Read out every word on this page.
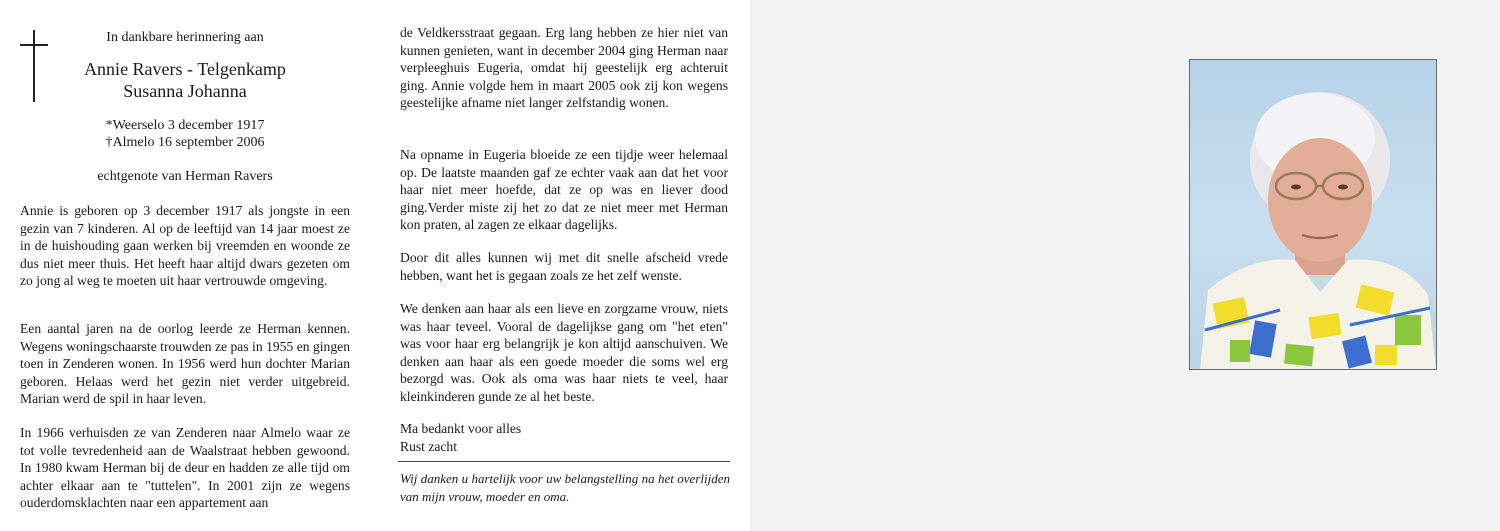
In dankbare herinnering aan
Annie Ravers - Telgenkamp
Susanna Johanna
*Weerselo 3 december 1917
†Almelo 16 september 2006
echtgenote van Herman Ravers

Annie is geboren op 3 december 1917 als jongste in een gezin van 7 kinderen. Al op de leeftijd van 14 jaar moest ze in de huishouding gaan werken bij vreemden en woonde ze dus niet meer thuis. Het heeft haar altijd dwars gezeten om zo jong al weg te moeten uit haar vertrouwde omgeving.

Een aantal jaren na de oorlog leerde ze Herman kennen. Wegens woningschaarste trouwden ze pas in 1955 en gingen toen in Zenderen wonen. In 1956 werd hun dochter Marian geboren. Helaas werd het gezin niet verder uitgebreid. Marian werd de spil in haar leven.

In 1966 verhuisden ze van Zenderen naar Almelo waar ze tot volle tevredenheid aan de Waalstraat hebben gewoond. In 1980 kwam Herman bij de deur en hadden ze alle tijd om achter elkaar aan te "tuttelen". In 2001 zijn ze wegens ouderdomsklachten naar een appartement aan

de Veldkersstraat gegaan. Erg lang hebben ze hier niet van kunnen genieten, want in december 2004 ging Herman naar verpleeghuis Eugeria, omdat hij geestelijk erg achteruit ging. Annie volgde hem in maart 2005 ook zij kon wegens geestelijke afname niet langer zelfstandig wonen.

Na opname in Eugeria bloeide ze een tijdje weer helemaal op. De laatste maanden gaf ze echter vaak aan dat het voor haar niet meer hoefde, dat ze op was en liever dood ging.Verder miste zij het zo dat ze niet meer met Herman kon praten, al zagen ze elkaar dagelijks.

Door dit alles kunnen wij met dit snelle afscheid vrede hebben, want het is gegaan zoals ze het zelf wenste.

We denken aan haar als een lieve en zorgzame vrouw, niets was haar teveel. Vooral de dagelijkse gang om "het eten" was voor haar erg belangrijk je kon altijd aanschuiven. We denken aan haar als een goede moeder die soms wel erg bezorgd was. Ook als oma was haar niets te veel, haar kleinkinderen gunde ze al het beste.

Ma bedankt voor alles
Rust zacht
Wij danken u hartelijk voor uw belangstelling na het overlijden van mijn vrouw, moeder en oma.
